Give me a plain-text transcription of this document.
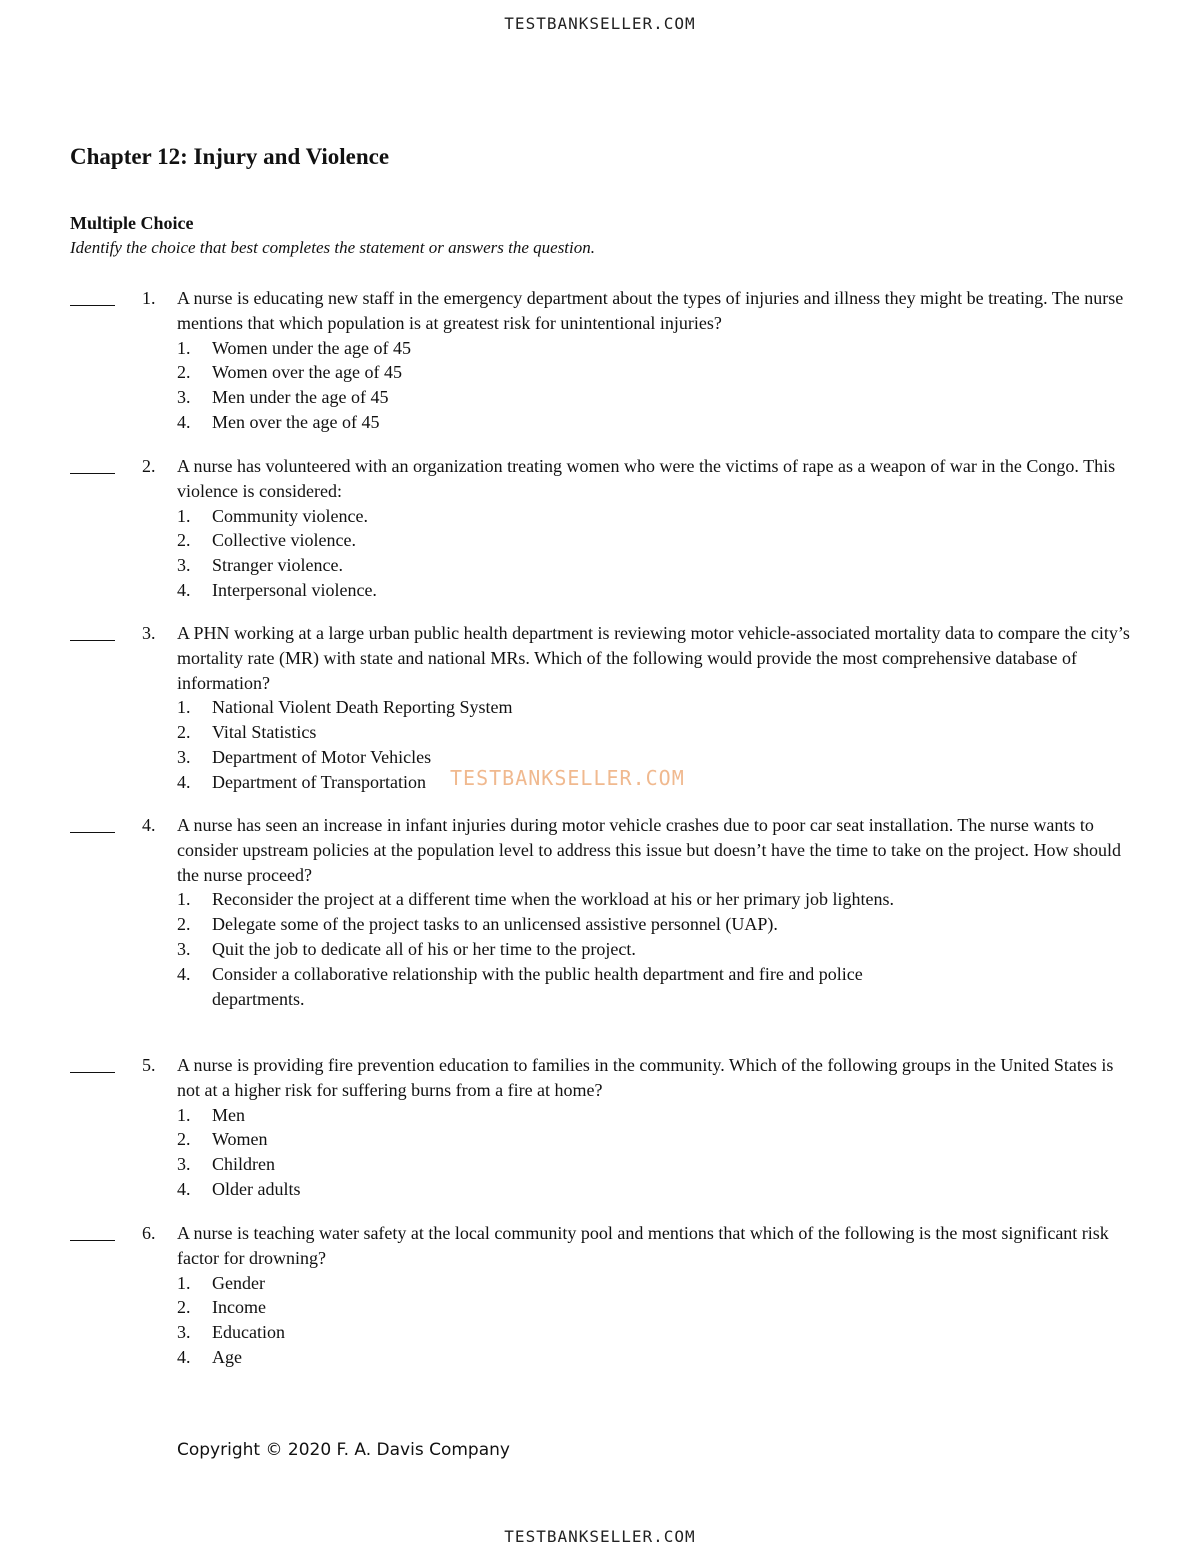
TESTBANKSELLER.COM
Chapter 12: Injury and Violence
Multiple Choice
Identify the choice that best completes the statement or answers the question.
1. A nurse is educating new staff in the emergency department about the types of injuries and illness they might be treating. The nurse mentions that which population is at greatest risk for unintentional injuries?
1. Women under the age of 45
2. Women over the age of 45
3. Men under the age of 45
4. Men over the age of 45
2. A nurse has volunteered with an organization treating women who were the victims of rape as a weapon of war in the Congo. This violence is considered:
1. Community violence.
2. Collective violence.
3. Stranger violence.
4. Interpersonal violence.
3. A PHN working at a large urban public health department is reviewing motor vehicle-associated mortality data to compare the city’s mortality rate (MR) with state and national MRs. Which of the following would provide the most comprehensive database of information?
1. National Violent Death Reporting System
2. Vital Statistics
3. Department of Motor Vehicles
4. Department of Transportation
4. A nurse has seen an increase in infant injuries during motor vehicle crashes due to poor car seat installation. The nurse wants to consider upstream policies at the population level to address this issue but doesn’t have the time to take on the project. How should the nurse proceed?
1. Reconsider the project at a different time when the workload at his or her primary job lightens.
2. Delegate some of the project tasks to an unlicensed assistive personnel (UAP).
3. Quit the job to dedicate all of his or her time to the project.
4. Consider a collaborative relationship with the public health department and fire and police departments.
5. A nurse is providing fire prevention education to families in the community. Which of the following groups in the United States is not at a higher risk for suffering burns from a fire at home?
1. Men
2. Women
3. Children
4. Older adults
6. A nurse is teaching water safety at the local community pool and mentions that which of the following is the most significant risk factor for drowning?
1. Gender
2. Income
3. Education
4. Age
TESTBANKSELLER.COM
Copyright © 2020 F. A. Davis Company
TESTBANKSELLER.COM
